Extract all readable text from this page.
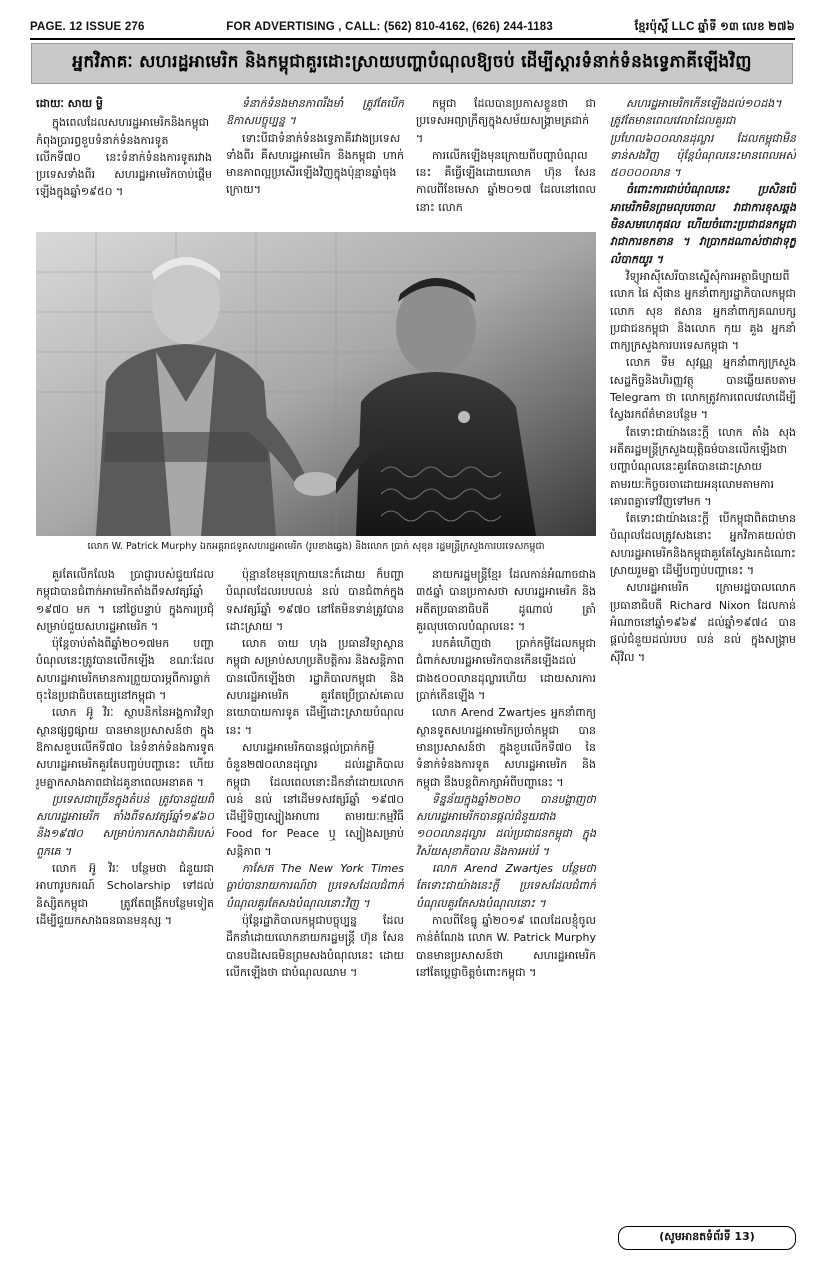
PAGE. 12 ISSUE 276	FOR ADVERTISING , CALL: (562) 810-4162, (626) 244-1183	ខ្មែរប៉ុស្តិ៍ LLC ឆ្នាំទី ១៣ លេខ ២៧៦
អ្នកវិភាគៈ សហរដ្ឋអាមេរិក និងកម្ពុជាគួរដោះស្រាយបញ្ហាបំណុលឱ្យចប់ ដើម្បីស្ដារទំនាក់ទំនងទ្វេភាគីឡើងវិញ

ដោយៈ សាយ ម្លិ

ក្នុងពេលដែលសហរដ្ឋអាមេរិកនិងកម្ពុជាកំពុងប្រារព្ធខួបទំនាក់ទំនងការទូតលើកទី៧០ នេះទំនាក់ទំនងការទូតរវាងប្រទេសទាំងពីរ សហរដ្ឋអាមេរិកចាប់ផ្ដើមឡើងក្នុងឆ្នាំ១៩៥០ ។

ទំនាក់ទំនងមានភាពរឹងមាំ ត្រូវតែបើកឱកាសបច្ចុប្បន្ន ។

ទោះបីជាទំនាក់ទំនងទ្វេភាគីរវាងប្រទេសទាំងពីរ គឺសហរដ្ឋអាមេរិក និងកម្ពុជា ហាក់មានភាពល្អប្រសើរឡើងវិញក្នុងប៉ុន្មានឆ្នាំចុងក្រោយ។

កម្ពុជា ដែលបានប្រកាសខ្លួនថា ជាប្រទេសអព្យាក្រឹត្យក្នុងសម័យសង្គ្រាមត្រជាក់ ។

ការលើកឡើងមុនក្រោយពីបញ្ហាបំណុលនេះ គឺធ្វើឡើងដោយលោក ហ៊ុន សែន កាលពីខែមេសា ឆ្នាំ២០១៧ ដែលនៅពេលនោះ លោក

លោក W. Patrick Murphy ឯកអគ្គរាជទូតសហរដ្ឋអាមេរិក (រូបខាងឆ្វេង) និងលោក ប្រាក់ សុខុន រដ្ឋមន្ត្រីក្រសួងការបរទេសកម្ពុជា

សហរដ្ឋអាមេរិកកើនឡើងដល់១០ដង។ ត្រូវតែមានពេលវេលាដែលគួរជាប្រហែល៦០០លានដុល្លារ ដែលកម្ពុជាមិនទាន់សងវិញ ប៉ុន្តែបំណុលនេះមានពេលអស់ ៥០០០០លាន ។

ចំពោះការជាប់បំណុលនេះ ប្រសិនបើអាមេរិកមិនព្រមលុបចោល វាជាការខុសឆ្គងមិនសមហេតុផល ហើយចំពោះប្រជាជនកម្ពុជា វាជាការខកខាន ។ វាប្រាកដណាស់ថាជាទុក្ខលំបាកយូរ ។

វិទ្យុអាស៊ីសេរីបានស្នើសុំការអត្ថាធិប្បាយពីលោក ផៃ ស៊ីផាន អ្នកនាំពាក្យរដ្ឋាភិបាលកម្ពុជា លោក សុខ ឥសាន អ្នកនាំពាក្យគណបក្សប្រជាជនកម្ពុជា និងលោក កុយ គួង អ្នកនាំពាក្យក្រសួងការបរទេសកម្ពុជា ។

លោក ទីម សុវណ្ណ អ្នកនាំពាក្យក្រសួងសេដ្ឋកិច្ចនិងហិរញ្ញវត្ថុ បានឆ្លើយតបតាម Telegram ថា លោកត្រូវការពេលវេលាដើម្បីស្វែងរកព័ត៌មានបន្ថែម ។

តែទោះជាយ៉ាងនេះក្តី លោក តាំង សុង អតីតរដ្ឋមន្ត្រីក្រសួងយុត្តិធម៌បានលើកឡើងថា បញ្ហាបំណុលនេះគួរតែបានដោះស្រាយតាមរយៈកិច្ចចរចាដោយអនុលោមតាមការគោរពគ្នាទៅវិញទៅមក ។

តែទោះជាយ៉ាងនេះក្តី បើកម្ពុជាពិតជាមានបំណុលដែលត្រូវសងនោះ អ្នកវិភាគយល់ថា សហរដ្ឋអាមេរិកនិងកម្ពុជាគួរតែស្វែងរកដំណោះស្រាយរួមគ្នា ដើម្បីបញ្ចប់បញ្ហានេះ ។

សហរដ្ឋអាមេរិក ក្រោមរដ្ឋបាលលោកប្រធានាធិបតី Richard Nixon ដែលកាន់អំណាចនៅឆ្នាំ១៩៦៩ ដល់ឆ្នាំ១៩៧៤ បានផ្តល់ជំនួយដល់របប លន់ នល់ ក្នុងសង្គ្រាមស៊ីវិល ។

គួរតែលើកលែង ប្រាជ្ញារបស់ជួយដែលកម្ពុជាបានជំពាក់អាមេរិកតាំងពីទសវត្សរ៍ឆ្នាំ ១៩៧០ មក ។ នៅថ្ងៃបន្ទាប់ ក្នុងការប្រជុំសម្រាប់ជួយសហរដ្ឋអាមេរិក ។

ប៉ុន្តែចាប់តាំងពីឆ្នាំ២០១៧មក បញ្ហាបំណុលនេះត្រូវបានលើកឡើង ខណៈដែលសហរដ្ឋអាមេរិកមានការព្រួយបារម្ភពីការធ្លាក់ចុះនៃប្រជាធិបតេយ្យនៅកម្ពុជា ។

លោក អ៊ូ វិរៈ ស្ថាបនិកនៃអង្គការវិទ្យាស្ថានផ្សព្វផ្សាយ បានមានប្រសាសន៍ថា ក្នុងឱកាសខួបលើកទី៧០ នៃទំនាក់ទំនងការទូត សហរដ្ឋអាមេរិកគួរតែបញ្ចប់បញ្ហានេះ ហើយរួមគ្នាកសាងភាពជាដៃគូនាពេលអនាគត ។

ប្រទេសជាច្រើនក្នុងតំបន់ ត្រូវបានជួយពីសហរដ្ឋអាមេរិក តាំងពីទសវត្សរ៍ឆ្នាំ១៩៦០ និង១៩៧០ សម្រាប់ការកសាងជាតិរបស់ពួកគេ ។

លោក អ៊ូ វិរៈ បន្ថែមថា ជំនួយជាអាហារូបករណ៍ Scholarship ទៅដល់និស្សិតកម្ពុជា ត្រូវតែពង្រីកបន្ថែមទៀត ដើម្បីជួយកសាងធនធានមនុស្ស ។

ប៉ុន្មានខែមុនក្រោយនេះក៏ដោយ ក៏បញ្ហាបំណុលដែលរបបលន់ នល់ បានជំពាក់ក្នុងទសវត្សរ៍ឆ្នាំ ១៩៧០ នៅតែមិនទាន់ត្រូវបានដោះស្រាយ ។

លោក ចាយ ហុង ប្រធានវិទ្យាស្ថានកម្ពុជា សម្រាប់សហប្រតិបត្តិការ និងសន្តិភាព បានលើកឡើងថា រដ្ឋាភិបាលកម្ពុជា និងសហរដ្ឋអាមេរិក គួរតែប្រើប្រាស់គោលនយោបាយការទូត ដើម្បីដោះស្រាយបំណុលនេះ ។

សហរដ្ឋអាមេរិកបានផ្តល់ប្រាក់កម្ចីចំនួន២៧០លានដុល្លារ ដល់រដ្ឋាភិបាលកម្ពុជា ដែលពេលនោះដឹកនាំដោយលោក លន់ នល់ នៅដើមទសវត្សរ៍ឆ្នាំ ១៩៧០ ដើម្បីទិញស្បៀងអាហារ តាមរយៈកម្មវិធី Food for Peace ឬ ស្បៀងសម្រាប់សន្តិភាព ។

កាសែត The New York Times ធ្លាប់បានរាយការណ៍ថា ប្រទេសដែលជំពាក់បំណុលគួរតែសងបំណុលនោះវិញ ។

ប៉ុន្តែរដ្ឋាភិបាលកម្ពុជាបច្ចុប្បន្ន ដែលដឹកនាំដោយលោកនាយករដ្ឋមន្ត្រី ហ៊ុន សែន បានបដិសេធមិនព្រមសងបំណុលនេះ ដោយលើកឡើងថា ជាបំណុលឈាម ។

នាយករដ្ឋមន្ត្រីខ្មែរ ដែលកាន់អំណាចជាង ៣៥ឆ្នាំ បានប្រកាសថា សហរដ្ឋអាមេរិក និងអតីតប្រធានាធិបតី ដូណាល់ ត្រាំ គួរលុបចោលបំណុលនេះ ។

របកគំហើញថា ប្រាក់កម្ចីដែលកម្ពុជាជំពាក់សហរដ្ឋអាមេរិកបានកើនឡើងដល់ជាង៥០០លានដុល្លារហើយ ដោយសារការប្រាក់កើនឡើង ។

លោក Arend Zwartjes អ្នកនាំពាក្យស្ថានទូតសហរដ្ឋអាមេរិកប្រចាំកម្ពុជា បានមានប្រសាសន៍ថា ក្នុងខួបលើកទី៧០ នៃទំនាក់ទំនងការទូត សហរដ្ឋអាមេរិក និងកម្ពុជា នឹងបន្តពិភាក្សាអំពីបញ្ហានេះ ។

ទិន្នន័យក្នុងឆ្នាំ២០២០ បានបង្ហាញថា សហរដ្ឋអាមេរិកបានផ្តល់ជំនួយជាង ១០០លានដុល្លារ ដល់ប្រជាជនកម្ពុជា ក្នុងវិស័យសុខាភិបាល និងការអប់រំ ។

លោក Arend Zwartjes បន្ថែមថា តែទោះជាយ៉ាងនេះក្តី ប្រទេសដែលជំពាក់បំណុលគួរតែសងបំណុលនោះ ។

កាលពីខែធ្នូ ឆ្នាំ២០១៩ ពេលដែលខ្ញុំចូលកាន់តំណែង លោក W. Patrick Murphy បានមានប្រសាសន៍ថា សហរដ្ឋអាមេរិកនៅតែប្តេជ្ញាចិត្តចំពោះកម្ពុជា ។

(សូមអានតទំព័រទី 13)
